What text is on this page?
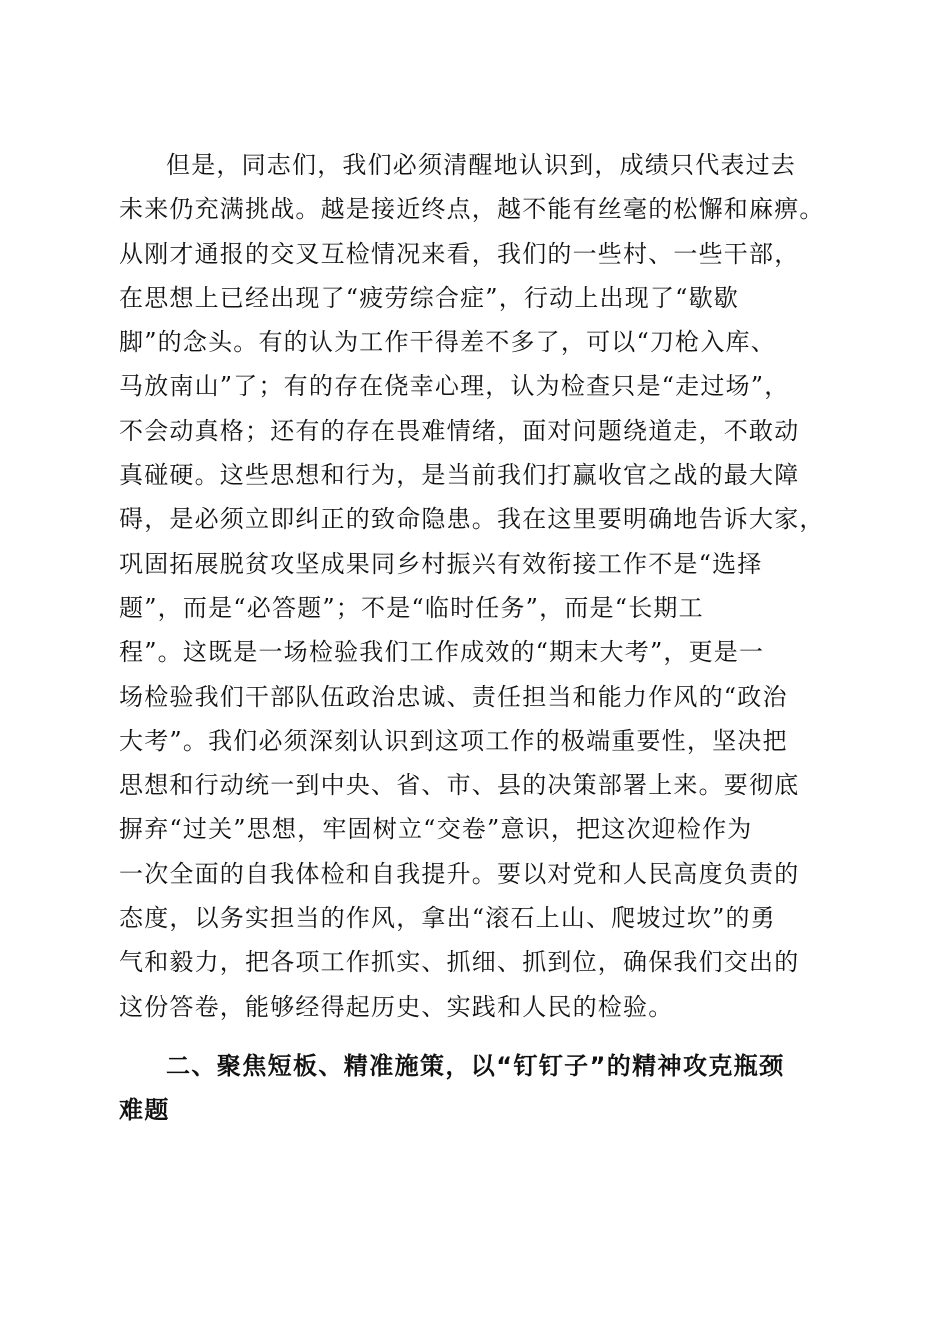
但是，同志们，我们必须清醒地认识到，成绩只代表过去
未来仍充满挑战。越是接近终点，越不能有丝毫的松懈和麻痹。
从刚才通报的交叉互检情况来看，我们的一些村、一些干部，
在思想上已经出现了“疲劳综合症”，行动上出现了“歇歇
脚”的念头。有的认为工作干得差不多了，可以“刀枪入库、
马放南山”了；有的存在侥幸心理，认为检查只是“走过场”，
不会动真格；还有的存在畏难情绪，面对问题绕道走，不敢动
真碰硬。这些思想和行为，是当前我们打赢收官之战的最大障
碍，是必须立即纠正的致命隐患。我在这里要明确地告诉大家，
巩固拓展脱贫攻坚成果同乡村振兴有效衔接工作不是“选择
题”，而是“必答题”；不是“临时任务”，而是“长期工
程”。这既是一场检验我们工作成效的“期末大考”，更是一
场检验我们干部队伍政治忠诚、责任担当和能力作风的“政治
大考”。我们必须深刻认识到这项工作的极端重要性，坚决把
思想和行动统一到中央、省、市、县的决策部署上来。要彻底
摒弃“过关”思想，牢固树立“交卷”意识，把这次迎检作为
一次全面的自我体检和自我提升。要以对党和人民高度负责的
态度，以务实担当的作风，拿出“滚石上山、爬坡过坎”的勇
气和毅力，把各项工作抓实、抓细、抓到位，确保我们交出的
这份答卷，能够经得起历史、实践和人民的检验。
二、聚焦短板、精准施策，以“钉钉子”的精神攻克瓶颈
难题
